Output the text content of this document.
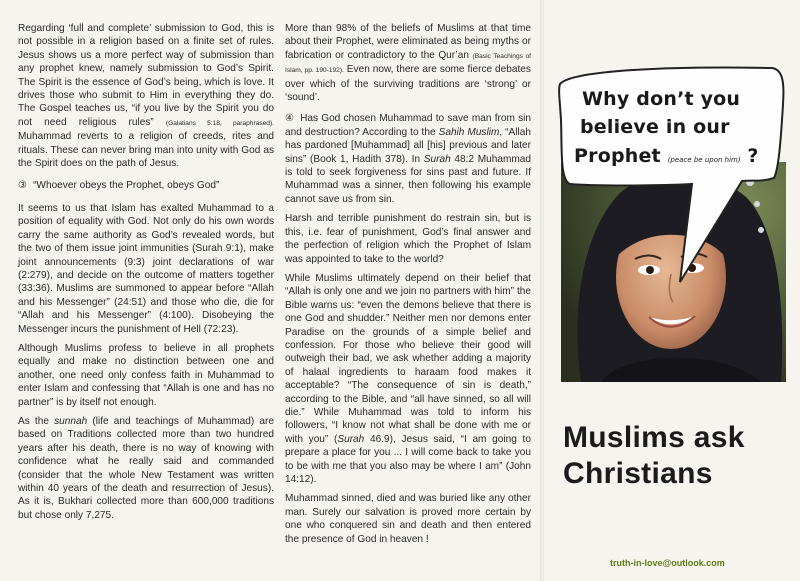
Regarding ‘full and complete’ submission to God, this is not possible in a religion based on a finite set of rules. Jesus shows us a more perfect way of submission than any prophet knew, namely submission to God’s Spirit. The Spirit is the essence of God’s being, which is love. It drives those who submit to Him in everything they do. The Gospel teaches us, “if you live by the Spirit you do not need religious rules” (Galatians 5:18, paraphrased). Muhammad reverts to a religion of creeds, rites and rituals. These can never bring man into unity with God as the Spirit does on the path of Jesus.

③ “Whoever obeys the Prophet, obeys God”

It seems to us that Islam has exalted Muhammad to a position of equality with God. Not only do his own words carry the same authority as God’s revealed words, but the two of them issue joint immunities (Surah 9:1), make joint announcements (9:3) joint declarations of war (2:279), and decide on the outcome of matters together (33:36). Muslims are summoned to appear before “Allah and his Messenger” (24:51) and those who die, die for “Allah and his Messenger” (4:100). Disobeying the Messenger incurs the punishment of Hell (72:23).

Although Muslims profess to believe in all prophets equally and make no distinction between one and another, one need only confess faith in Muhammad to enter Islam and confessing that “Allah is one and has no partner” is by itself not enough.

As the sunnah (life and teachings of Muhammad) are based on Traditions collected more than two hundred years after his death, there is no way of knowing with confidence what he really said and commanded (consider that the whole New Testament was written within 40 years of the death and resurrection of Jesus). As it is, Bukhari collected more than 600,000 traditions but chose only 7,275.

More than 98% of the beliefs of Muslims at that time about their Prophet, were eliminated as being myths or fabrication or contradictory to the Qur’an (Basic Teachings of Islam, pp. 190-192). Even now, there are some fierce debates over which of the surviving traditions are ‘strong’ or ‘sound’.

④ Has God chosen Muhammad to save man from sin and destruction? According to the Sahih Muslim, “Allah has pardoned [Muhammad] all [his] previous and later sins” (Book 1, Hadith 378). In Surah 48:2 Muhammad is told to seek forgiveness for sins past and future. If Muhammad was a sinner, then following his example cannot save us from sin.

Harsh and terrible punishment do restrain sin, but is this, i.e. fear of punishment, God’s final answer and the perfection of religion which the Prophet of Islam was appointed to take to the world?

While Muslims ultimately depend on their belief that “Allah is only one and we join no partners with him” the Bible warns us: “even the demons believe that there is one God and shudder.” Neither men nor demons enter Paradise on the grounds of a simple belief and confession. For those who believe their good will outweigh their bad, we ask whether adding a majority of halaal ingredients to haraam food makes it acceptable? “The consequence of sin is death,” according to the Bible, and “all have sinned, so all will die.” While Muhammad was told to inform his followers, “I know not what shall be done with me or with you” (Surah 46.9), Jesus said, “I am going to prepare a place for you ... I will come back to take you to be with me that you also may be where I am” (John 14:12).

Muhammad sinned, died and was buried like any other man. Surely our salvation is proved more certain by one who conquered sin and death and then entered the presence of God in heaven !

Why don’t you
believe in our
Prophet (peace be upon him) ?
Muslims ask
Christians
truth-in-love@outlook.com
